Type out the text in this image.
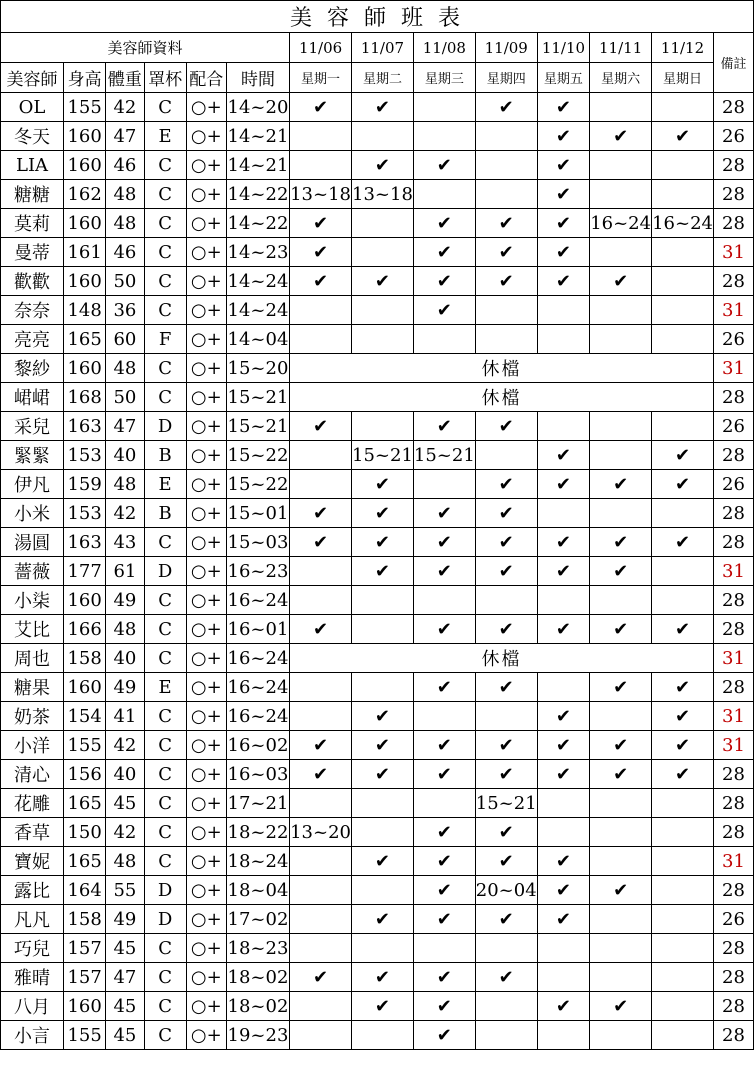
美 容 師 班 表													
美容師資料						11/06	11/07	11/08	11/09	11/10	11/11	11/12	備註
美容師	身高	體重	罩杯	配合	時間	星期一	星期二	星期三	星期四	星期五	星期六	星期日	
OL	155	42	C	○+	14~20	✔	✔		✔	✔			28
冬天	160	47	E	○+	14~21					✔	✔	✔	26
LIA	160	46	C	○+	14~21		✔	✔		✔			28
糖糖	162	48	C	○+	14~22	13~18	13~18			✔			28
莫莉	160	48	C	○+	14~22	✔		✔	✔	✔	16~24	16~24	28
曼蒂	161	46	C	○+	14~23	✔		✔	✔	✔			31
歡歡	160	50	C	○+	14~24	✔	✔	✔	✔	✔	✔		28
奈奈	148	36	C	○+	14~24			✔					31
亮亮	165	60	F	○+	14~04								26
黎紗	160	48	C	○+	15~20	休檔							31
峮峮	168	50	C	○+	15~21	休檔							28
采兒	163	47	D	○+	15~21	✔		✔	✔				26
緊緊	153	40	B	○+	15~22		15~21	15~21		✔		✔	28
伊凡	159	48	E	○+	15~22		✔		✔	✔	✔	✔	26
小米	153	42	B	○+	15~01	✔	✔	✔	✔				28
湯圓	163	43	C	○+	15~03	✔	✔	✔	✔	✔	✔	✔	28
薔薇	177	61	D	○+	16~23		✔	✔	✔	✔	✔		31
小柒	160	49	C	○+	16~24								28
艾比	166	48	C	○+	16~01	✔		✔	✔	✔	✔	✔	28
周也	158	40	C	○+	16~24	休檔							31
糖果	160	49	E	○+	16~24			✔	✔		✔	✔	28
奶茶	154	41	C	○+	16~24		✔			✔		✔	31
小洋	155	42	C	○+	16~02	✔	✔	✔	✔	✔	✔	✔	31
清心	156	40	C	○+	16~03	✔	✔	✔	✔	✔	✔	✔	28
花雕	165	45	C	○+	17~21				15~21				28
香草	150	42	C	○+	18~22	13~20		✔	✔				28
寶妮	165	48	C	○+	18~24		✔	✔	✔	✔			31
露比	164	55	D	○+	18~04			✔	20~04	✔	✔		28
凡凡	158	49	D	○+	17~02		✔	✔	✔	✔			26
巧兒	157	45	C	○+	18~23								28
雅晴	157	47	C	○+	18~02	✔	✔	✔	✔				28
八月	160	45	C	○+	18~02		✔	✔		✔	✔		28
小言	155	45	C	○+	19~23			✔					28
